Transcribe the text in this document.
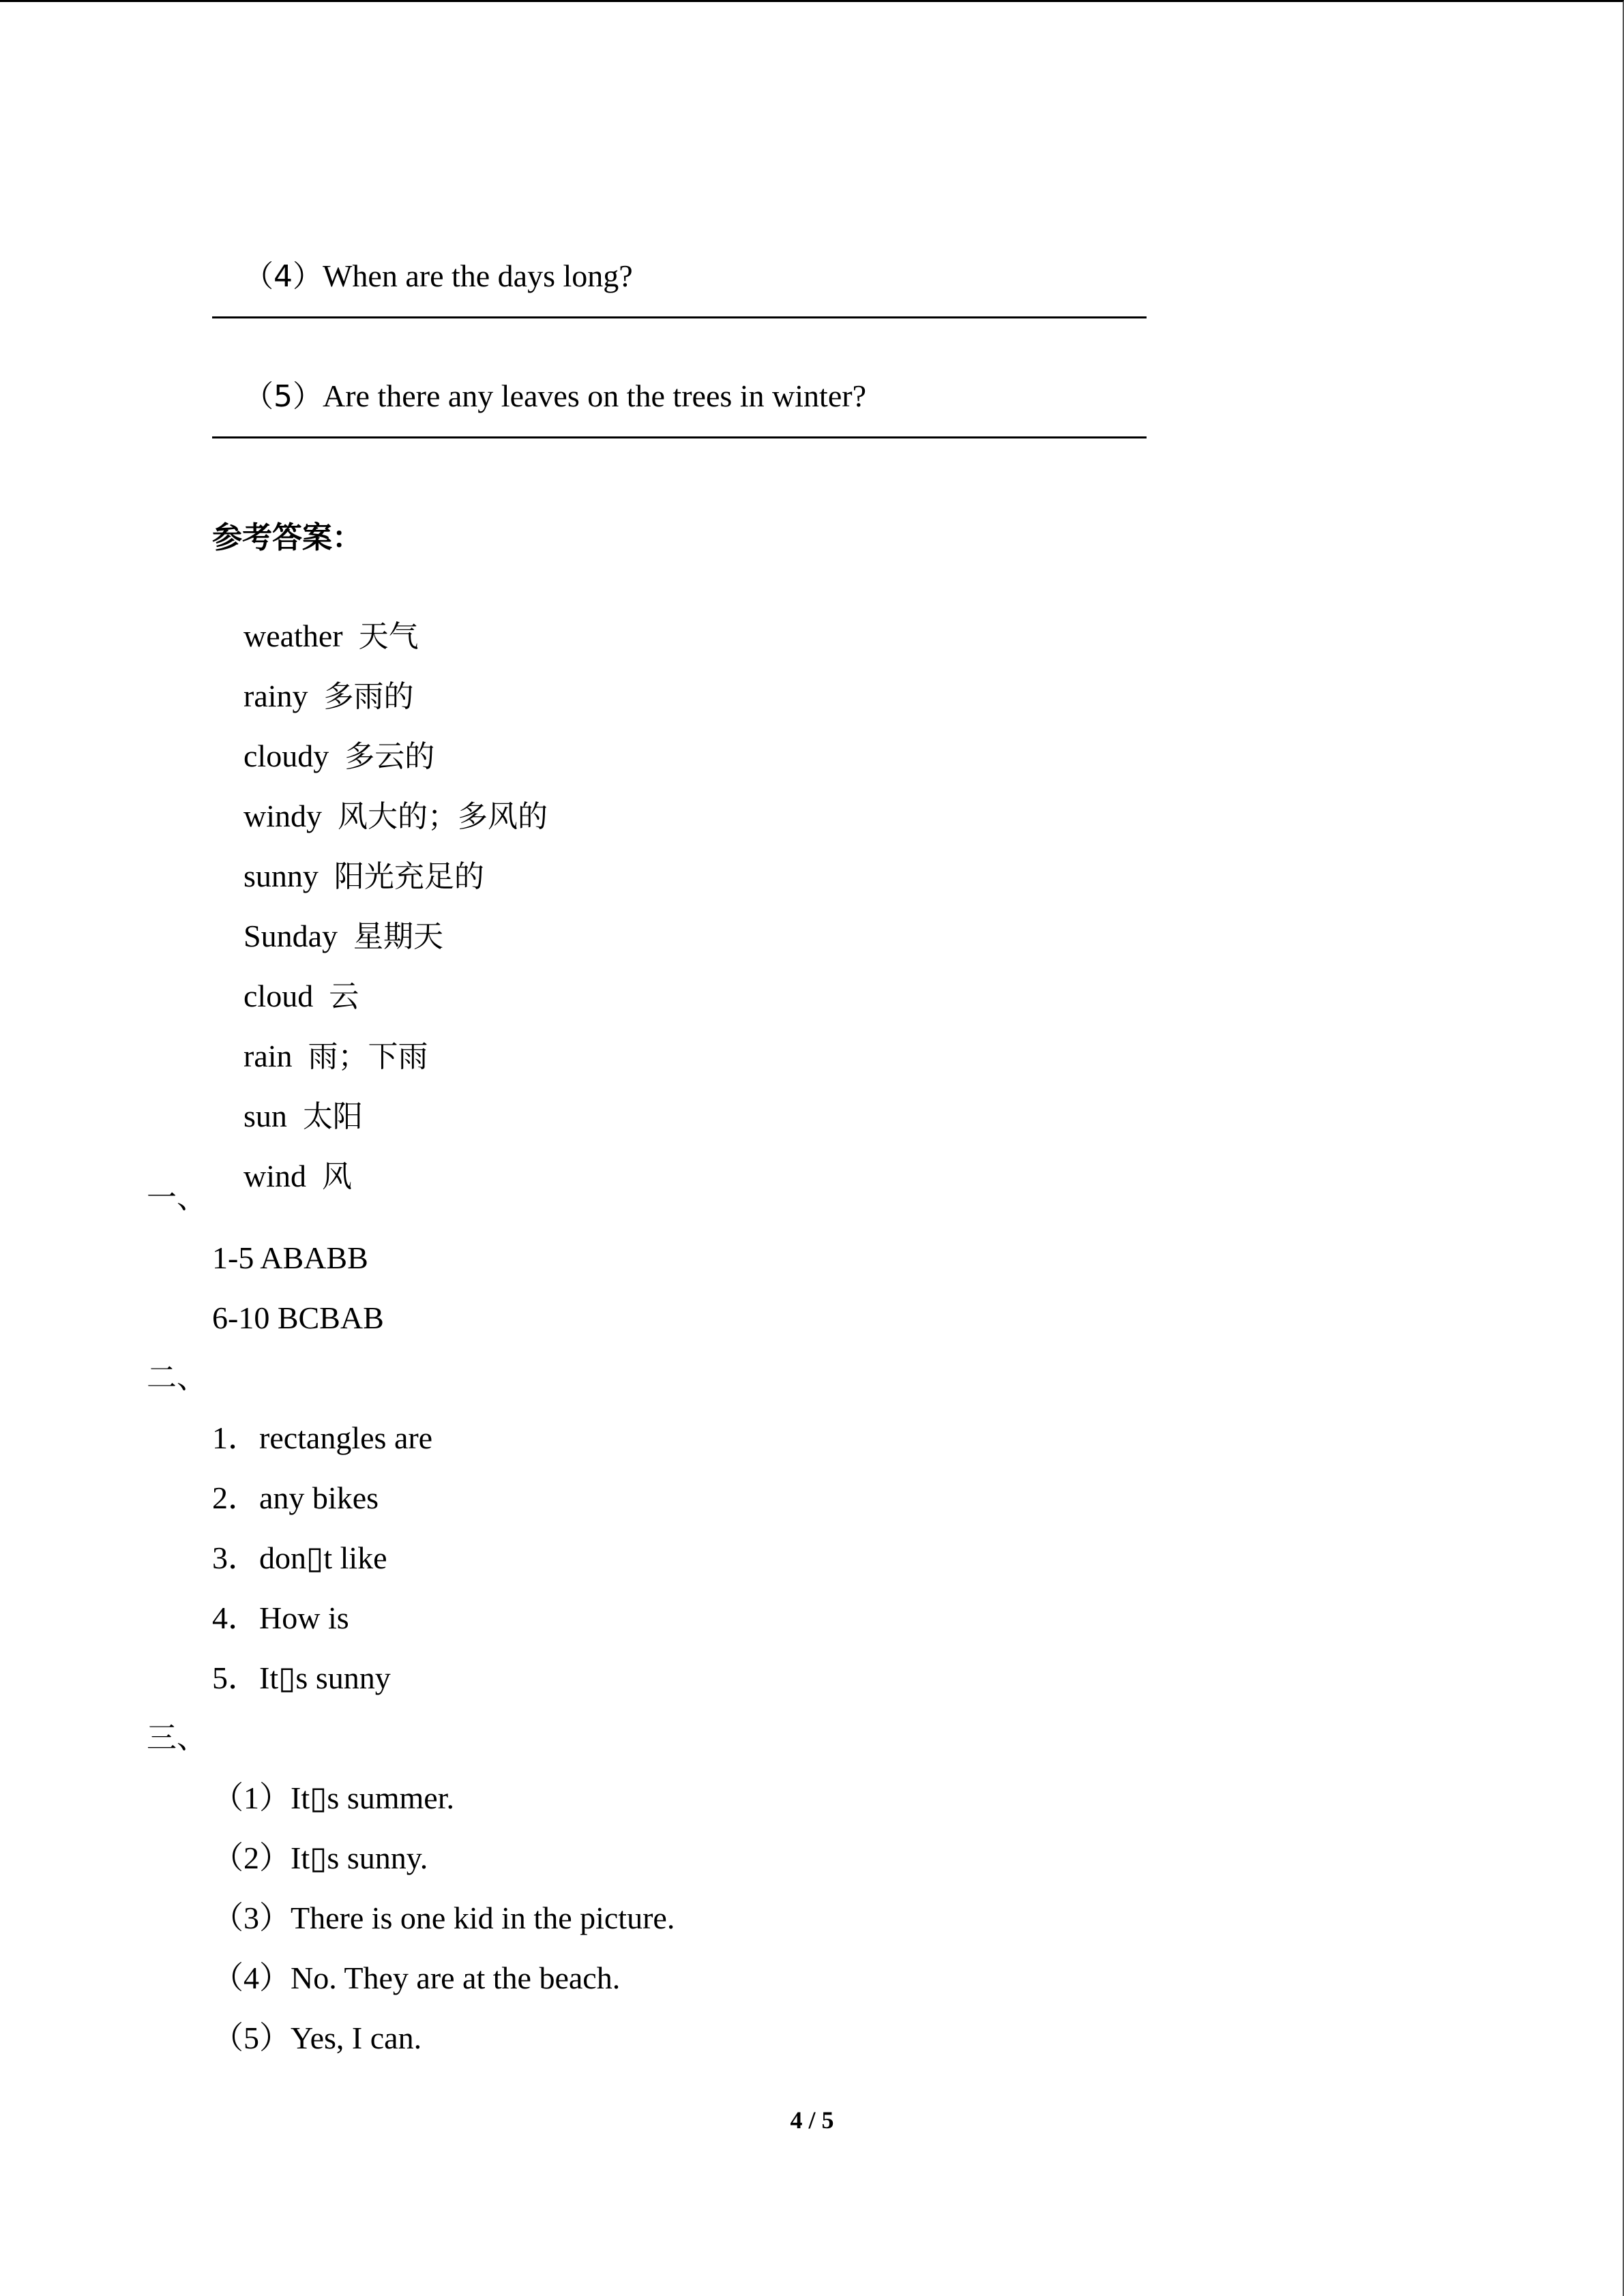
（4）When are the days long?

（5）Are there any leaves on the trees in winter?

参考答案：

weather 天气

rainy 多雨的

cloudy 多云的

windy 风大的；多风的

sunny 阳光充足的

Sunday 星期天

cloud 云

rain 雨；下雨

sun 太阳

wind 风

一、
1-5 ABABB
6-10 BCBAB
二、
1．rectangles are
2．any bikes
3．don▯t like
4．How is
5．It▯s sunny
三、
（1）It▯s summer.
（2）It▯s sunny.
（3）There is one kid in the picture.
（4）No. They are at the beach.
（5）Yes, I can.
4 / 5
